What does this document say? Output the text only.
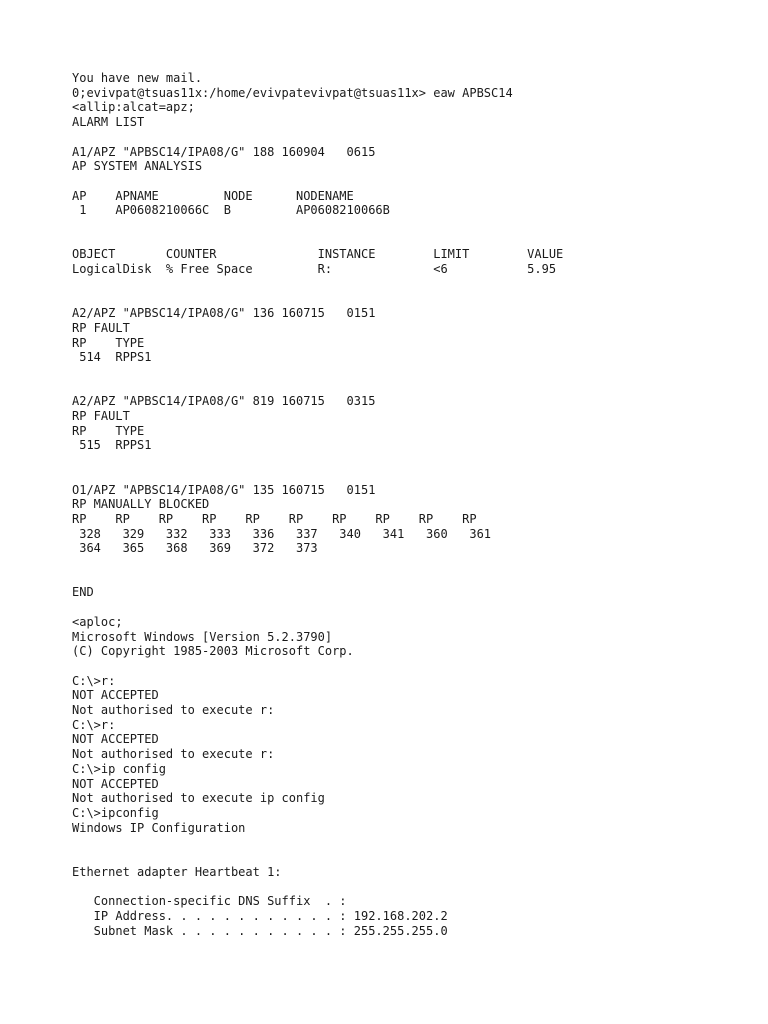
You have new mail.
0;evivpat@tsuas11x:/home/evivpatevivpat@tsuas11x> eaw APBSC14
<allip:alcat=apz;
ALARM LIST
A1/APZ "APBSC14/IPA08/G" 188 160904   0615
AP SYSTEM ANALYSIS
AP    APNAME         NODE      NODENAME
1    AP0608210066C  B         AP0608210066B
OBJECT       COUNTER              INSTANCE        LIMIT        VALUE
LogicalDisk  % Free Space         R:              <6           5.95
A2/APZ "APBSC14/IPA08/G" 136 160715   0151
RP FAULT
RP    TYPE
514  RPPS1
A2/APZ "APBSC14/IPA08/G" 819 160715   0315
RP FAULT
RP    TYPE
515  RPPS1
O1/APZ "APBSC14/IPA08/G" 135 160715   0151
RP MANUALLY BLOCKED
RP    RP    RP    RP    RP    RP    RP    RP    RP    RP
328   329   332   333   336   337   340   341   360   361
364   365   368   369   372   373
END
<aploc;
Microsoft Windows [Version 5.2.3790]
(C) Copyright 1985-2003 Microsoft Corp.
C:\>r:
NOT ACCEPTED
Not authorised to execute r:
C:\>r:
NOT ACCEPTED
Not authorised to execute r:
C:\>ip config
NOT ACCEPTED
Not authorised to execute ip config
C:\>ipconfig
Windows IP Configuration
Ethernet adapter Heartbeat 1:
Connection-specific DNS Suffix  . :
IP Address. . . . . . . . . . . . : 192.168.202.2
Subnet Mask . . . . . . . . . . . : 255.255.255.0
